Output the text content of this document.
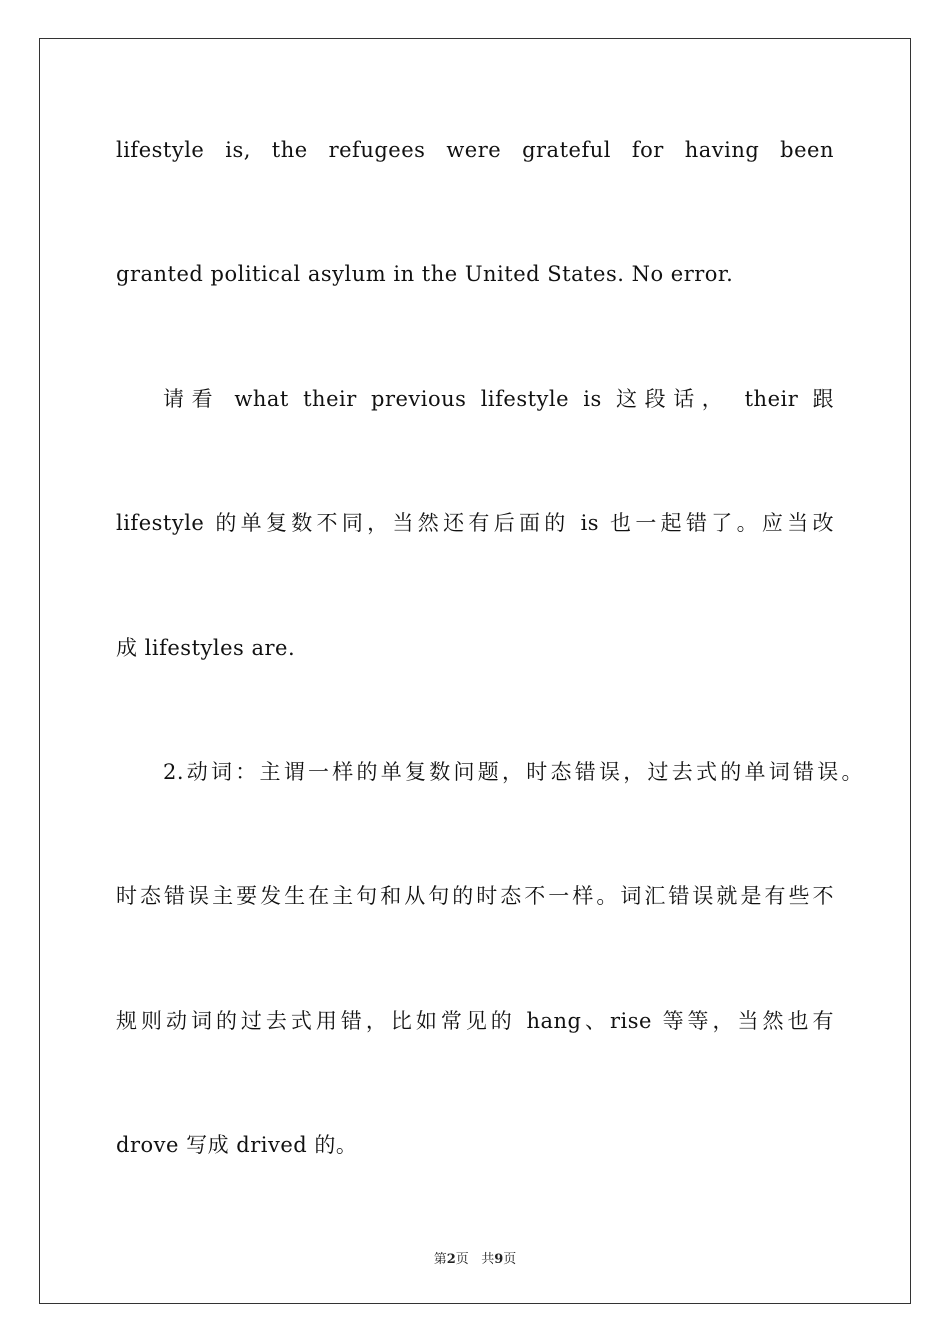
lifestyle is, the refugees were grateful for having been
granted political asylum in the United States. No error.
请看 what their previous lifestyle is 这段话， their 跟
lifestyle 的单复数不同，当然还有后面的 is 也一起错了。应当改
成 lifestyles are.
2.动词：主谓一样的单复数问题，时态错误，过去式的单词错误。
时态错误主要发生在主句和从句的时态不一样。词汇错误就是有些不
规则动词的过去式用错，比如常见的 hang、rise 等等，当然也有
drove 写成 drived 的。
第2页 共9页
